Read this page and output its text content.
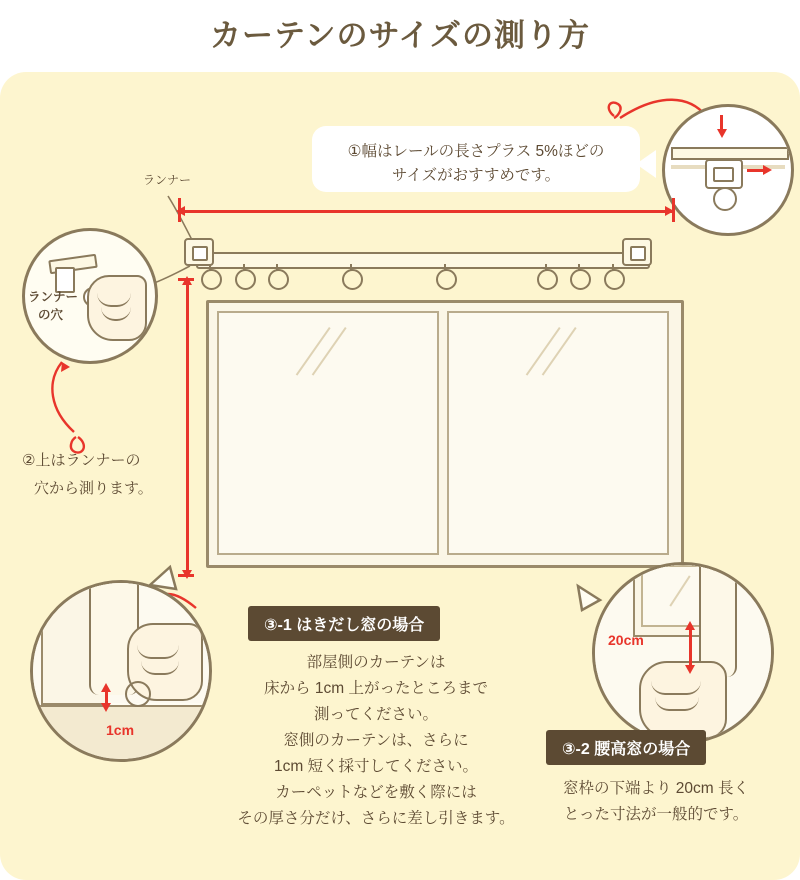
カーテンのサイズの測り方
①幅はレールの長さプラス 5%ほどの
サイズがおすすめです。
ランナー
ランナー
の穴
②上はランナーの
穴から測ります。
1cm
③-1 はきだし窓の場合
部屋側のカーテンは
床から 1cm 上がったところまで
測ってください。
窓側のカーテンは、さらに
1cm 短く採寸してください。
カーペットなどを敷く際には
その厚さ分だけ、さらに差し引きます。
20cm
③-2 腰高窓の場合
窓枠の下端より 20cm 長く
とった寸法が一般的です。
